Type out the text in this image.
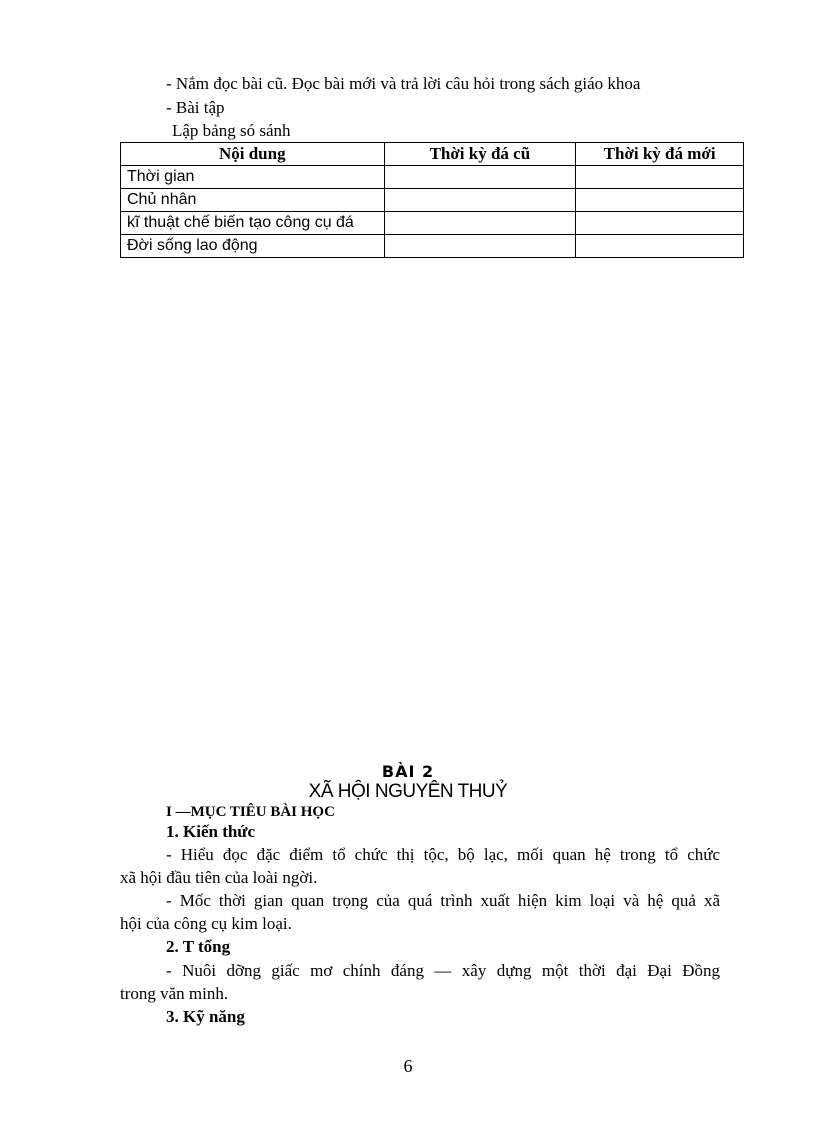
- Nắm đọc bài cũ. Đọc bài mới và trả lời câu hỏi trong sách giáo khoa
- Bài tập
Lập bảng só sánh
Nội dung	Thời kỳ đá cũ	Thời kỳ đá mới
Thời gian		
Chủ nhân		
kĩ thuật chế biến tạo công cụ đá		
Đời sống lao động		
BÀI 2
XÃ HỘI NGUYÊN THUỶ
I —MỤC TIÊU BÀI HỌC
1. Kiến thức
- Hiểu đọc đặc điểm tổ chức thị tộc, bộ lạc, mối quan hệ trong tổ chức
xã hội đầu tiên của loài ngời.
- Mốc thời gian quan trọng của quá trình xuất hiện kim loại và hệ quả xã
hội của công cụ kim loại.
2. T tổng
- Nuôi dỡng giấc mơ chính đáng — xây dựng một thời đại Đại Đồng
trong văn minh.
3. Kỹ năng
6
